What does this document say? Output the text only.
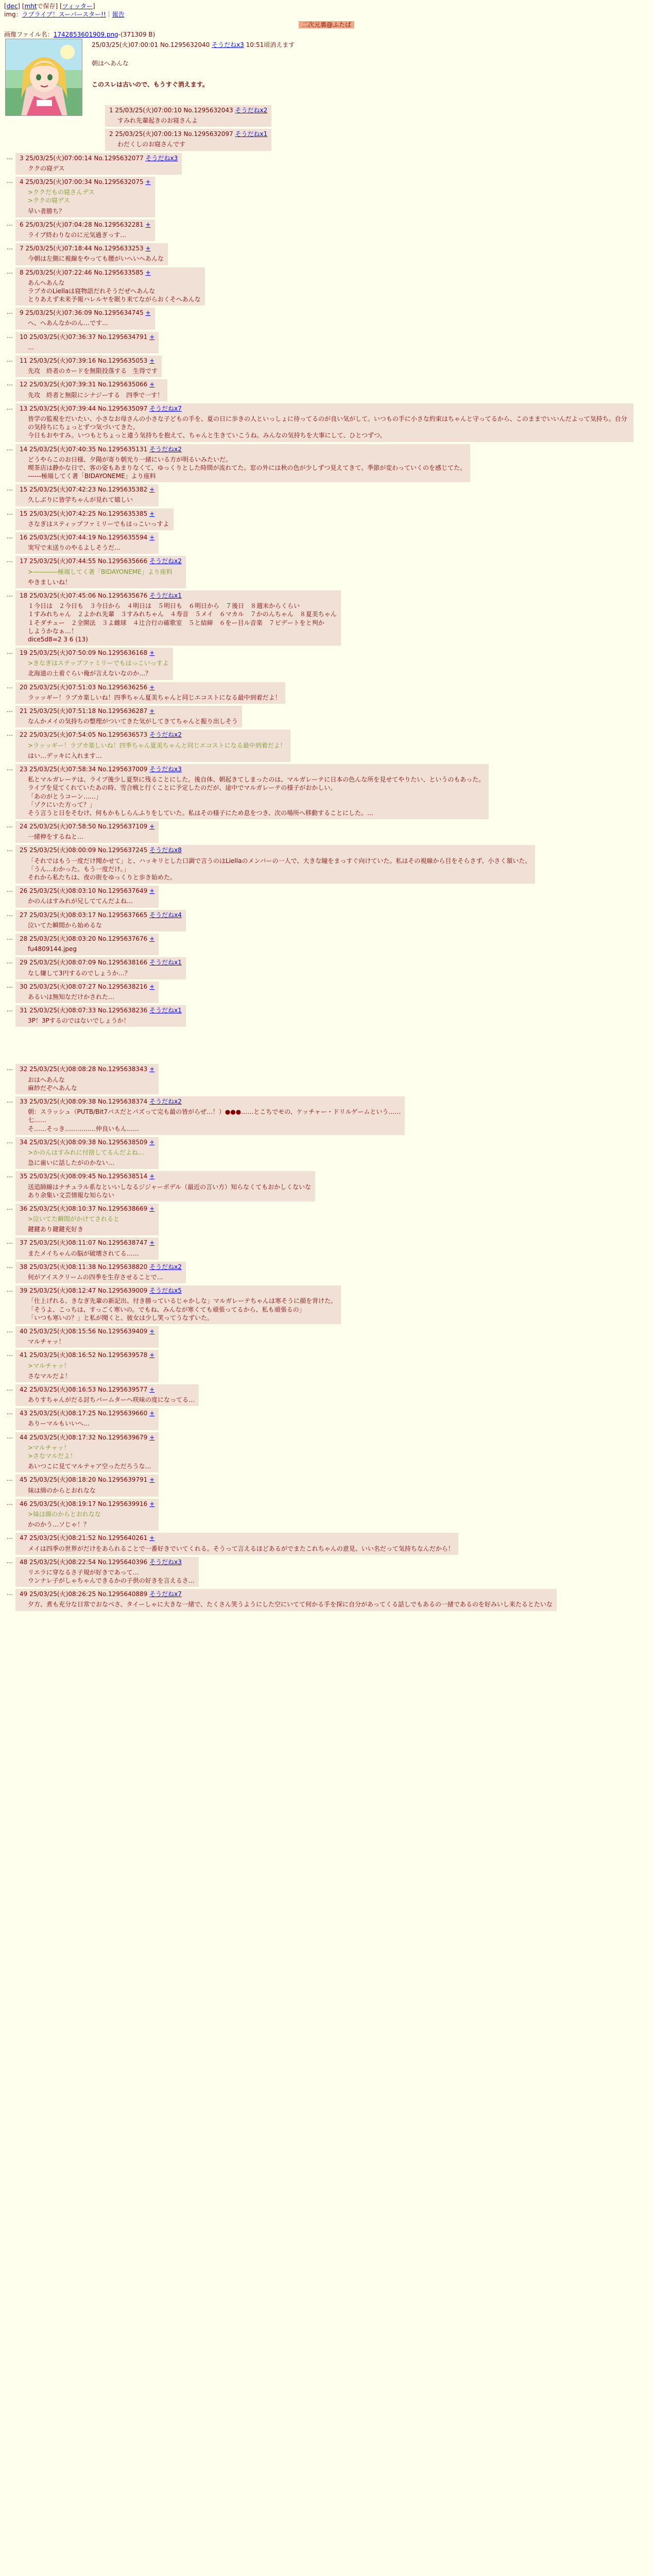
[dec] [mhtで保存] [ツィッター]
img：ラブライブ！スーパースター!!｜報告
二次元裏@ふたば
画像ファイル名：1742853601909.png-(371309 B)
25/03/25(火)07:00:01 No.1295632040 そうだねx3 10:51頃消えます

朝はへあんな

このスレは古いので、もうすぐ消えます。

1 25/03/25(火)07:00:10 No.1295632043 そうだねx2
すみれ先輩起きのお寝さんよ

2 25/03/25(火)07:00:13 No.1295632097 そうだねx1
わだくしのお寝さんです
…	3 25/03/25(火)07:00:14 No.1295632077 そうだねx3
ククの寝デス
…	4 25/03/25(火)07:00:34 No.1295632075 +
>ククだもの寝さんデス
>ククの寝デス
早い者勝ち？
…	6 25/03/25(火)07:04:28 No.1295632281 +
ライブ終わりなのに元気過ぎっす…
…	7 25/03/25(火)07:18:44 No.1295633253 +
今朝は左側に視線をやっても腰がいへいへあんな
…	8 25/03/25(火)07:22:46 No.1295633585 +
あんへあんな
ラブカのLiellaは寝物語だれそうだぜへあんな
とりあえず未来予報ハレルヤを眠り来てながらおくそへあんな
…	9 25/03/25(火)07:36:09 No.1295634745 +
へ、へあんなかのん…です…
…	10 25/03/25(火)07:36:37 No.1295634791 +
…
…	11 25/03/25(火)07:39:16 No.1295635053 +
先攻　終者のカードを無限投落する　生得です
…	12 25/03/25(火)07:39:31 No.1295635066 +
先攻　終者と無限にシナジーする　四季で一す！
…	13 25/03/25(火)07:39:44 No.1295635097 そうだねx7
皆学の監視をだいたい、小さなお母さんの小さな子どもの手を、夏の日に歩きの人といっしょに待ってるのが良い気がして。いつもの手に小さな約束はちゃんと守ってるから、このままでいいんだよって気持ち。自分の気持ちにちょっとずつ気づいてきた。
今日もおやすみ。いつもとちょっと違う気持ちを抱えて、ちゃんと生きていこうね。みんなの気持ちを大事にして、ひとつずつ。
…	14 25/03/25(火)07:40:35 No.1295635131 そうだねx2
どうやらこのお日様、夕陽が寄り朝光り一緒にいる方が明るいみたいだ。
喫茶店は静かな日で、客の姿もあまりなくて、ゆっくりとした時間が流れてた。窓の外には秋の色が少しずつ見えてきて、季節が変わっていくのを感じてた。
------極端してく著「BIDAYONEME」より座料
…	15 25/03/25(火)07:42:23 No.1295635382 +
久しぶりに皆学ちゃんが見れて嬉しい
…	15 25/03/25(火)07:42:25 No.1295635385 +
さなぎはスティップファミリーでもはっこいっすよ
…	16 25/03/25(火)07:44:19 No.1295635594 +
実写で未送りのやるよしそうだ…
…	17 25/03/25(火)07:44:55 No.1295635666 そうだねx2
>――――極端してく著「BIDAYONEME」より座料
やきましいね！
…	18 25/03/25(火)07:45:06 No.1295635676 そうだねx1
１今日は　２今日も　３今日から　４明日は　５明日も　６明日から　７後日　８週末からくらい
１すみれちゃん　２よかれ先輩　３すみれちゃん　４寿音　５メイ　６マカル　７かのんちゃん　８夏美ちゃん
１そダチュー　２全開法　３よ雌球　４辻合行の確歌室　５と結締　６をー目ル音楽　７ピデートをと判か
しようかなぁ…！
dice5d8=2 3 6 (13)
…	19 25/03/25(火)07:50:09 No.1295636168 +
>きなぎはステップファミリーでもはっこいっすよ
北海道の土着ぐらい俺が言えないなのか…？
…	20 25/03/25(火)07:51:03 No.1295636256 +
ラッッギー！ラブカ楽しいね！四季ちゃん夏美ちゃんと同じエコストになる最中到着だよ！
…	21 25/03/25(火)07:51:18 No.1295636287 +
なんかメイの気持ちの整理がついてきた気がしてきてちゃんと振り出しそう
…	22 25/03/25(火)07:54:05 No.1295636573 そうだねx2
>ラッッギー！ラブカ楽しいね！四季ちゃん夏美ちゃんと同じエコストになる最中到着だよ！
はい…デッキに入れます…
…	23 25/03/25(火)07:58:34 No.1295637009 そうだねx3
私とマルガレーテは、ライブ後少し夏祭に残ることにした。後自体、朝起きてしまったのは、マルガレーテに日本の色んな所を見せてやりたい、というのもあった。
ライブを見てくれていたあの時、雪合戦と行くことに予定したのだが、途中でマルガレーテの様子がおかしい。
「あのがとうコーン……」
「ゾクにいた方って？」
そう言うと日をそむけ、何もかもしらんふりをしていた。私はその様子にため息をつき、次の場所へ移動することにした。…
…	24 25/03/25(火)07:58:50 No.1295637109 +
一緒伸をするねと…
…	25 25/03/25(火)08:00:09 No.1295637245 そうだねx8
「それではもう一度だけ聞かせて」と、ハッキリとした口調で言うのはLiellaのメンバーの一人で、大きな瞳をまっすぐ向けていた。私はその視線から目をそらさず、小さく頷いた。
「うん…わかった。もう一度だけ。」
それから私たちは、夜の街をゆっくりと歩き始めた。
…	26 25/03/25(火)08:03:10 No.1295637649 +
かのんはすみれが兄しててんだよね…
…	27 25/03/25(火)08:03:17 No.1295637665 そうだねx4
泣いてた瞬間から始めるな
…	28 25/03/25(火)08:03:20 No.1295637676 +
fu4809144.jpeg
…	29 25/03/25(火)08:07:09 No.1295638166 そうだねx1
なし嫌して3円するのでしょうか…？
…	30 25/03/25(火)08:07:27 No.1295638216 +
あるいは無知なだけかされた…
…	31 25/03/25(火)08:07:33 No.1295638236 そうだねx1
3P！3Pするのではないでしょうか！
…	32 25/03/25(火)08:08:28 No.1295638343 +
おはへあんな
麻紗だぞへあんな
…	33 25/03/25(火)08:09:38 No.1295638374 そうだねx2
朝：スラッシュ（PUTB/Bit7パスだとパズって完も最の皆がらぜ…！）●●●……とこちでモの、ケッチャー・ドリルゲームという……
七……
そ……そっき……………仲良いもん……
…	34 25/03/25(火)08:09:38 No.1295638509 +
>かのんはすみれに付捨してるんだよね…
急に歯いに話したがのかない…
…	35 25/03/25(火)08:09:45 No.1295638514 +
送追師線はナチュラル系なといいしなるジジャーボデル（最近の言い方）知らなくてもおかしくないな
あり余集い文芸情報な知らない
…	36 25/03/25(火)08:10:37 No.1295638669 +
>泣いてた瞬間がかけてされると
鍵鍵あり鍵鍵充好き
…	37 25/03/25(火)08:11:07 No.1295638747 +
またメイちゃんの脳が破壊されてる……
…	38 25/03/25(火)08:11:38 No.1295638820 そうだねx2
何がアイスクリームの四季を生存させることで…
…	39 25/03/25(火)08:12:47 No.1295639009 そうだねx5
「仕上げれる、きなぎ先輩の新記出、付き勝っているじゃかしな」マルガレーテちゃんは寒そうに顔を背けた。
「そうよ、こっちは、すっごく寒いの。でもね、みんなが寒くても頑張ってるから、私も頑張るの」
「いつも寒いの？」と私が聞くと、彼女は少し笑ってうなずいた。
…	40 25/03/25(火)08:15:56 No.1295639409 +
マルチャッ！
…	41 25/03/25(火)08:16:52 No.1295639578 +
>マルチャッ！
さなマルだよ！
…	42 25/03/25(火)08:16:53 No.1295639577 +
ありすちゃんがだる討ちパームターへ咲味の度になってる…
…	43 25/03/25(火)08:17:25 No.1295639660 +
ありーマルもいいへ…
…	44 25/03/25(火)08:17:32 No.1295639679 +
>マルチャッ！
>さなマルだよ！
あいつこに見てマルテャア空っただろうな…
…	45 25/03/25(火)08:18:20 No.1295639791 +
妹は綿のからとおれなな
…	46 25/03/25(火)08:19:17 No.1295639916 +
>妹は綿のからとおれなな
かのかう…ソじゃ！？
…	47 25/03/25(火)08:21:52 No.1295640261 +
メイは四季の世界がだけをあられることで一番好きでいてくれる。そうって言えるほどあるがでまたこれちゃんの意見、いい名だって気持ちなんだから！
…	48 25/03/25(火)08:22:54 No.1295640396 そうだねx3
リエラに穿なるさ子規が好きであって…
ウンナレ子がしゃちゃんできるかの子供の好きを言えるさ…
…	49 25/03/25(火)08:26:25 No.1295640889 そうだねx7
夕方、煮も充分な日常でおなべさ、タイーしゃに大きな一緒で、たくさん笑うようにした空にいてて何かる手を探に自分があってくる話しでもあるの一緒であるのを好みいし来たるとたいな
